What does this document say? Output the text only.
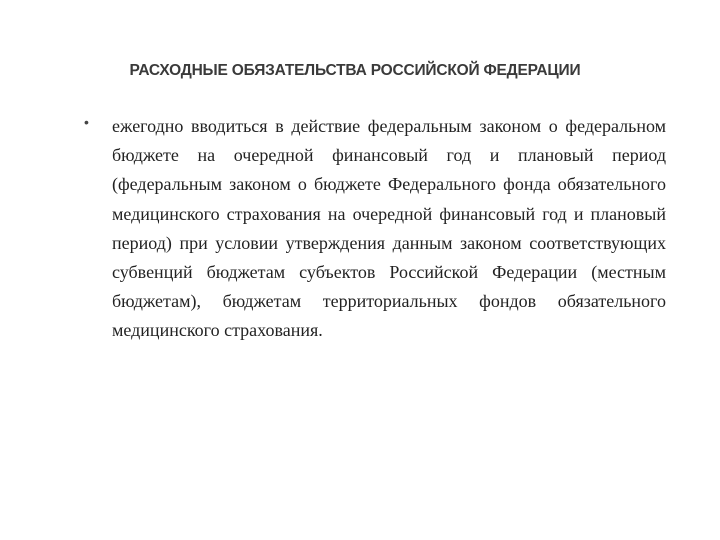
РАСХОДНЫЕ ОБЯЗАТЕЛЬСТВА РОССИЙСКОЙ ФЕДЕРАЦИИ
• ежегодно вводиться в действие федеральным законом о федеральном бюджете на очередной финансовый год и плановый период (федеральным законом о бюджете Федерального фонда обязательного медицинского страхования на очередной финансовый год и плановый период) при условии утверждения данным законом соответствующих субвенций бюджетам субъектов Российской Федерации (местным бюджетам), бюджетам территориальных фондов обязательного медицинского страхования.
